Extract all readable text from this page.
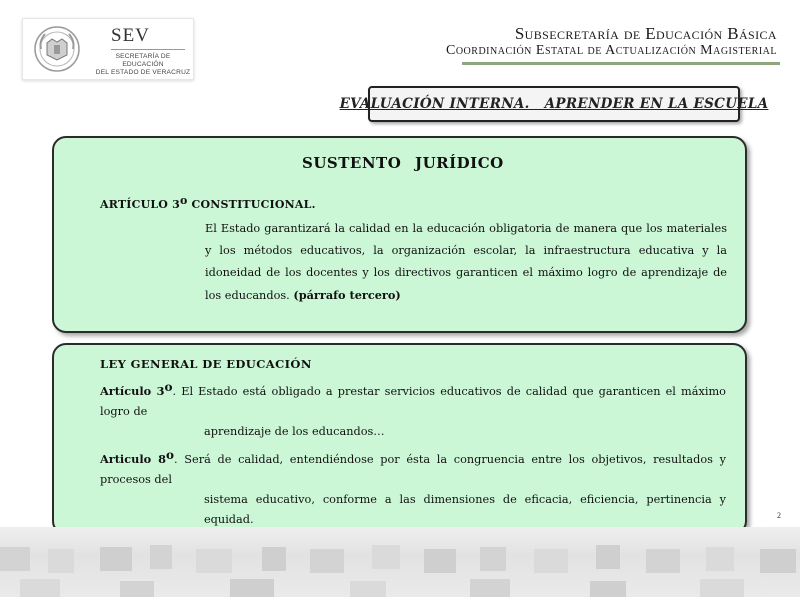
SEV
SECRETARÍA DE EDUCACIÓN
DEL ESTADO DE VERACRUZ
Subsecretaría de Educación Básica
Coordinación Estatal de Actualización Magisterial
EVALUACIÓN INTERNA.   APRENDER EN LA ESCUELA
SUSTENTO JURÍDICO
ARTÍCULO 3$^o$ CONSTITUCIONAL.
El Estado garantizará la calidad en la educación obligatoria de manera que los materiales y los métodos educativos, la organización escolar, la infraestructura educativa y la idoneidad de los docentes y los directivos garanticen el máximo logro de aprendizaje de los educandos. (párrafo tercero)
LEY GENERAL DE EDUCACIÓN
Artículo 3$^o$. El Estado está obligado a prestar servicios educativos de calidad que garanticen el máximo logro de
aprendizaje de los educandos…
Articulo 8$^o$. Será de calidad, entendiéndose por ésta la congruencia entre los objetivos, resultados y procesos del
sistema educativo, conforme a las dimensiones de eficacia, eficiencia, pertinencia y equidad.	2
